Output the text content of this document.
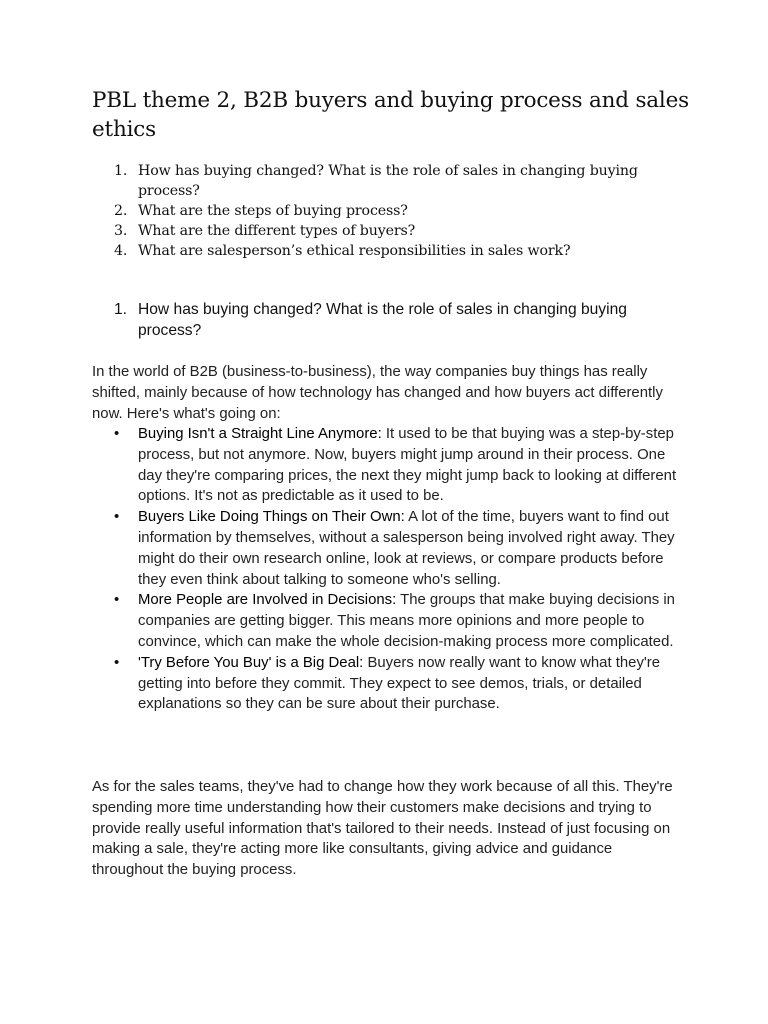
PBL theme 2, B2B buyers and buying process and sales ethics
1. How has buying changed? What is the role of sales in changing buying process?
2. What are the steps of buying process?
3. What are the different types of buyers?
4. What are salesperson’s ethical responsibilities in sales work?
1. How has buying changed? What is the role of sales in changing buying process?

In the world of B2B (business-to-business), the way companies buy things has really shifted, mainly because of how technology has changed and how buyers act differently now. Here's what's going on:

• Buying Isn't a Straight Line Anymore: It used to be that buying was a step-by-step process, but not anymore. Now, buyers might jump around in their process. One day they're comparing prices, the next they might jump back to looking at different options. It's not as predictable as it used to be.
• Buyers Like Doing Things on Their Own: A lot of the time, buyers want to find out information by themselves, without a salesperson being involved right away. They might do their own research online, look at reviews, or compare products before they even think about talking to someone who's selling.
• More People are Involved in Decisions: The groups that make buying decisions in companies are getting bigger. This means more opinions and more people to convince, which can make the whole decision-making process more complicated.
• 'Try Before You Buy' is a Big Deal: Buyers now really want to know what they're getting into before they commit. They expect to see demos, trials, or detailed explanations so they can be sure about their purchase.

As for the sales teams, they've had to change how they work because of all this. They're spending more time understanding how their customers make decisions and trying to provide really useful information that's tailored to their needs. Instead of just focusing on making a sale, they're acting more like consultants, giving advice and guidance throughout the buying process.
